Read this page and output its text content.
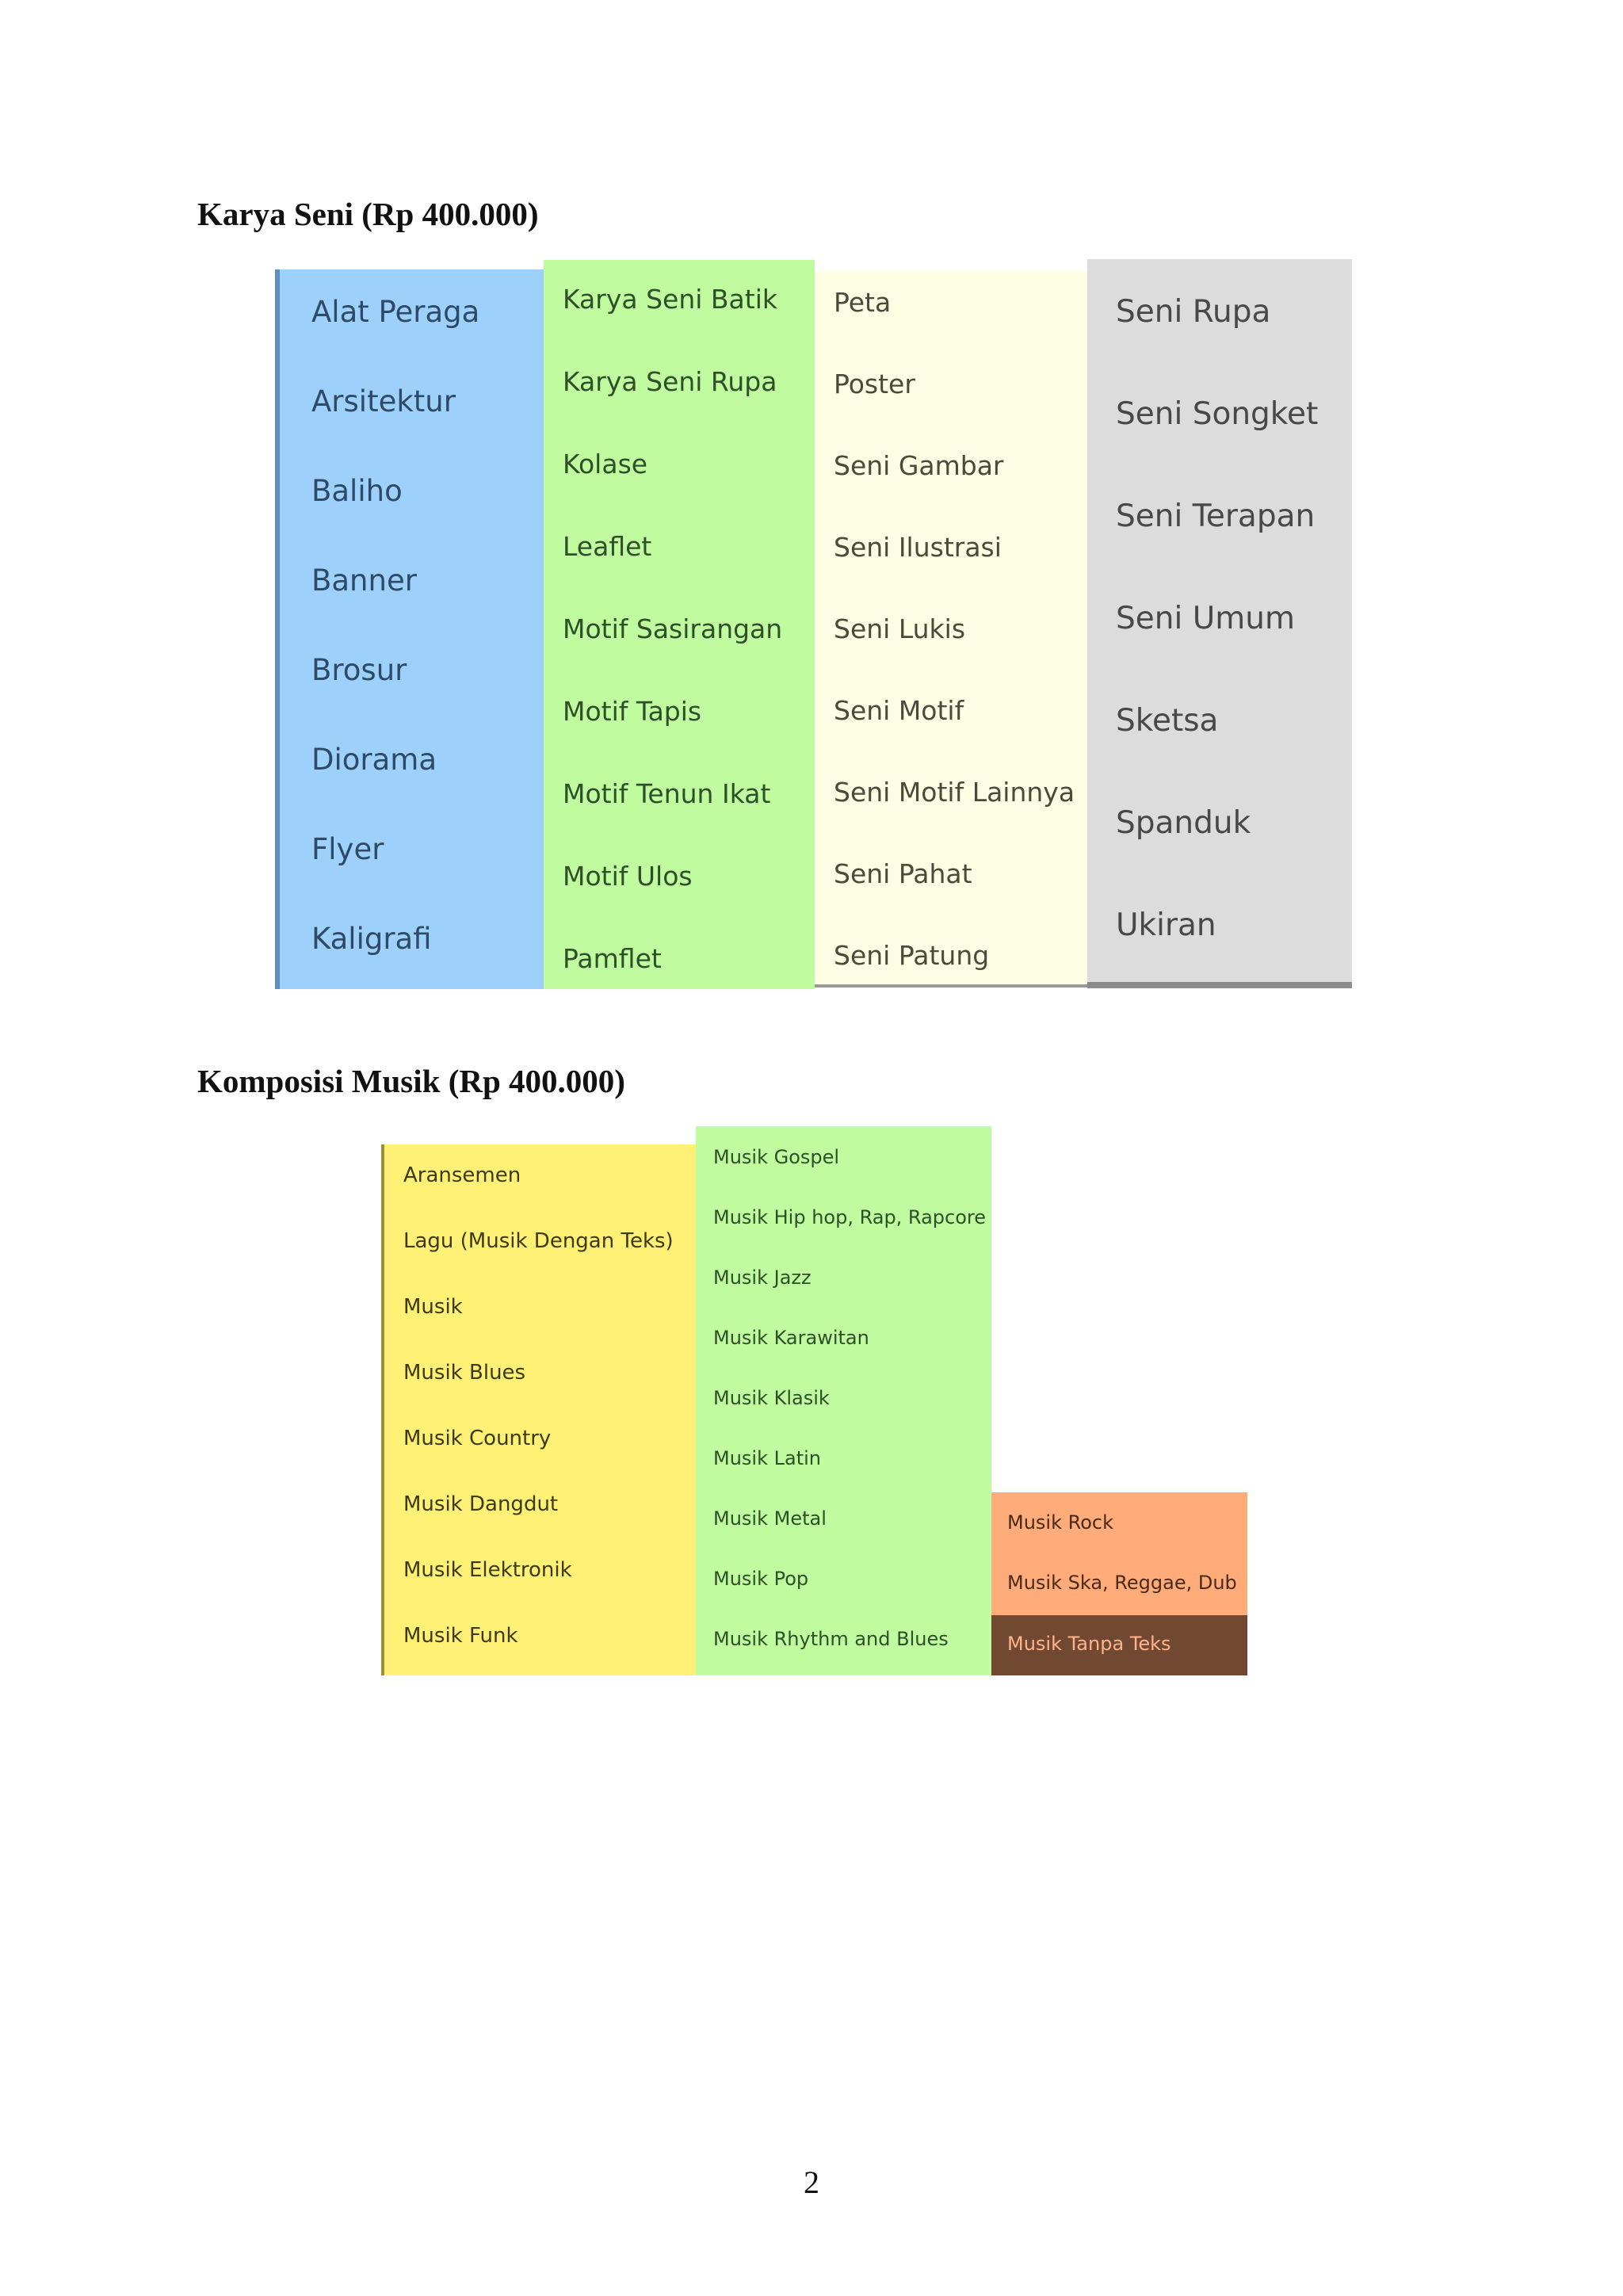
Karya Seni (Rp 400.000)
Alat Peraga
Arsitektur
Baliho
Banner
Brosur
Diorama
Flyer
Kaligrafi
Karya Seni Batik
Karya Seni Rupa
Kolase
Leaflet
Motif Sasirangan
Motif Tapis
Motif Tenun Ikat
Motif Ulos
Pamflet
Peta
Poster
Seni Gambar
Seni Ilustrasi
Seni Lukis
Seni Motif
Seni Motif Lainnya
Seni Pahat
Seni Patung
Seni Rupa
Seni Songket
Seni Terapan
Seni Umum
Sketsa
Spanduk
Ukiran
Komposisi Musik (Rp 400.000)
Aransemen
Lagu (Musik Dengan Teks)
Musik
Musik Blues
Musik Country
Musik Dangdut
Musik Elektronik
Musik Funk
Musik Gospel
Musik Hip hop, Rap, Rapcore
Musik Jazz
Musik Karawitan
Musik Klasik
Musik Latin
Musik Metal
Musik Pop
Musik Rhythm and Blues
Musik Rock
Musik Ska, Reggae, Dub
Musik Tanpa Teks
2
